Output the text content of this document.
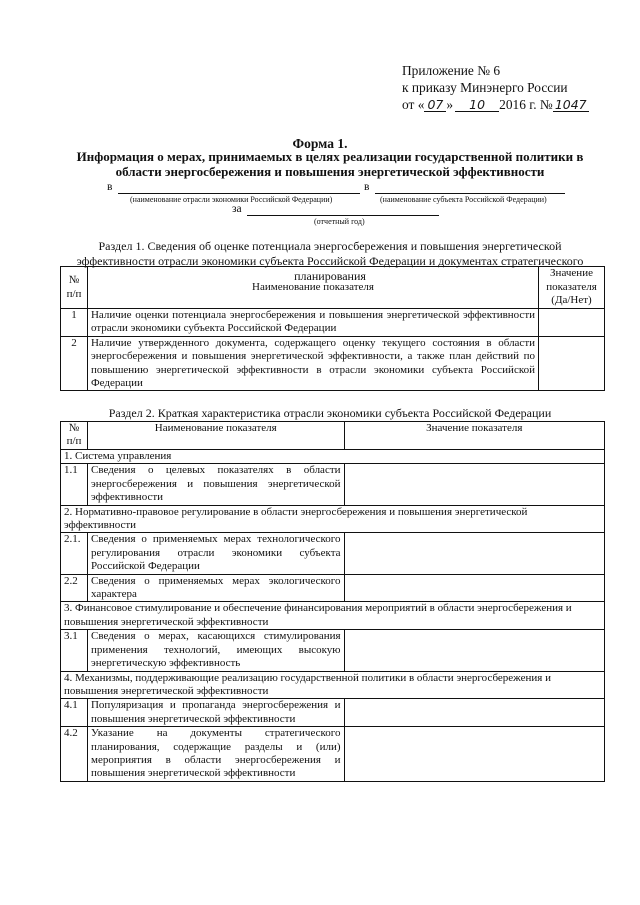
Приложение № 6
к приказу Минэнерго России
от « 07 » 10 2016 г. № 1047
Форма 1.
Информация о мерах, принимаемых в целях реализации государственной политики в области энергосбережения и повышения энергетической эффективности
в	в
(наименование отрасли экономики Российской Федерации)	(наименование субъекта Российской Федерации)
за
(отчетный год)
Раздел 1. Сведения об оценке потенциала энергосбережения и повышения энергетической эффективности отрасли экономики субъекта Российской Федерации и документах стратегического планирования
№ п/п	Наименование показателя	Значение показателя (Да/Нет)
1	Наличие оценки потенциала энергосбережения и повышения энергетической эффективности отрасли экономики субъекта Российской Федерации	
2	Наличие утвержденного документа, содержащего оценку текущего состояния в области энергосбережения и повышения энергетической эффективности, а также план действий по повышению энергетической эффективности в отрасли экономики субъекта Российской Федерации	
Раздел 2. Краткая характеристика отрасли экономики субъекта Российской Федерации
№ п/п	Наименование показателя	Значение показателя
1. Система управления		
1.1	Сведения о целевых показателях в области энергосбережения и повышения энергетической эффективности	
2. Нормативно-правовое регулирование в области энергосбережения и повышения энергетической эффективности		
2.1.	Сведения о применяемых мерах технологического регулирования отрасли экономики субъекта Российской Федерации	
2.2	Сведения о применяемых мерах экологического характера	
3. Финансовое стимулирование и обеспечение финансирования мероприятий в области энергосбережения и повышения энергетической эффективности		
3.1	Сведения о мерах, касающихся стимулирования применения технологий, имеющих высокую энергетическую эффективность	
4. Механизмы, поддерживающие реализацию государственной политики в области энергосбережения и повышения энергетической эффективности		
4.1	Популяризация и пропаганда энергосбережения и повышения энергетической эффективности	
4.2	Указание на документы стратегического планирования, содержащие разделы и (или) мероприятия в области энергосбережения и повышения энергетической эффективности	
